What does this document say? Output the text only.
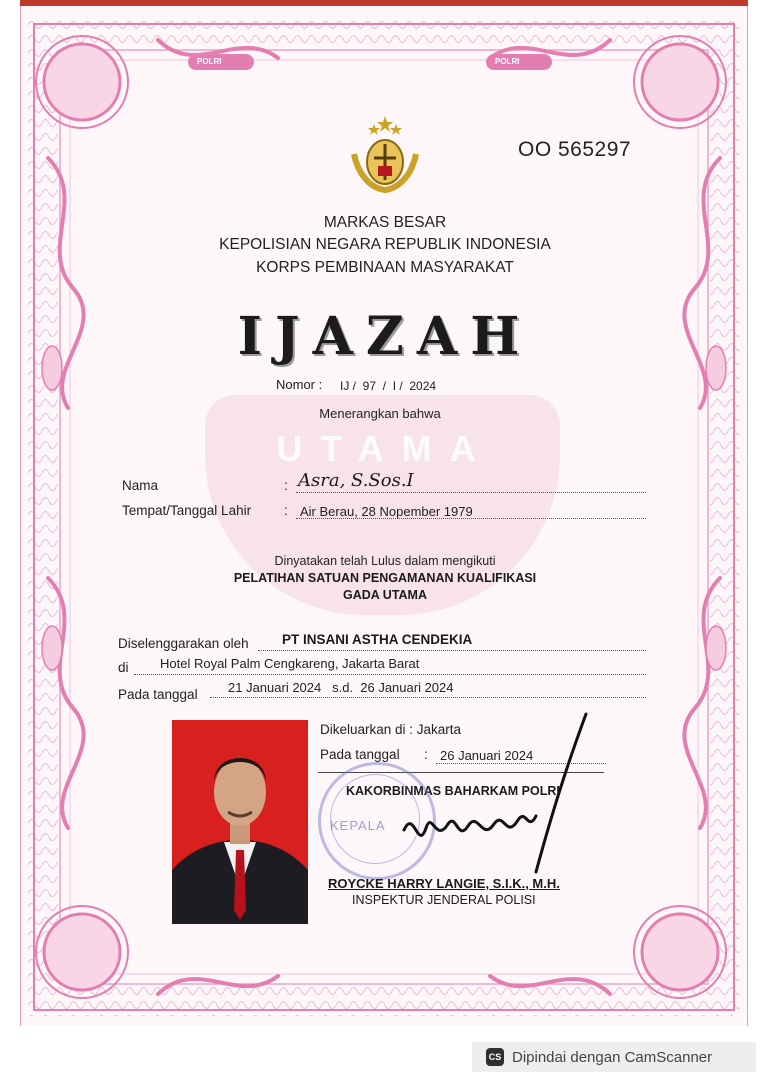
POLRI	POLRI
UTAMA
OO 565297
MARKAS BESAR
KEPOLISIAN NEGARA REPUBLIK INDONESIA
KORPS PEMBINAAN MASYARAKAT
IJAZAH
Nomor : IJ /  97  /  I /  2024
Menerangkan bahwa
Nama	: Asra, S.Sos.I
Tempat/Tanggal Lahir : Air Berau, 28 Nopember 1979
Dinyatakan telah Lulus dalam mengikuti
PELATIHAN SATUAN PENGAMANAN KUALIFIKASI
GADA UTAMA
Diselenggarakan oleh PT INSANI ASTHA CENDEKIA
di Hotel Royal Palm Cengkareng, Jakarta Barat
Pada tanggal 21 Januari 2024   s.d.  26 Januari 2024
Dikeluarkan di : Jakarta
Pada tanggal : 26 Januari 2024
KAKORBINMAS BAHARKAM POLRI
KEPALA
ROYCKE HARRY LANGIE, S.I.K., M.H.
INSPEKTUR JENDERAL POLISI
CS Dipindai dengan CamScanner
